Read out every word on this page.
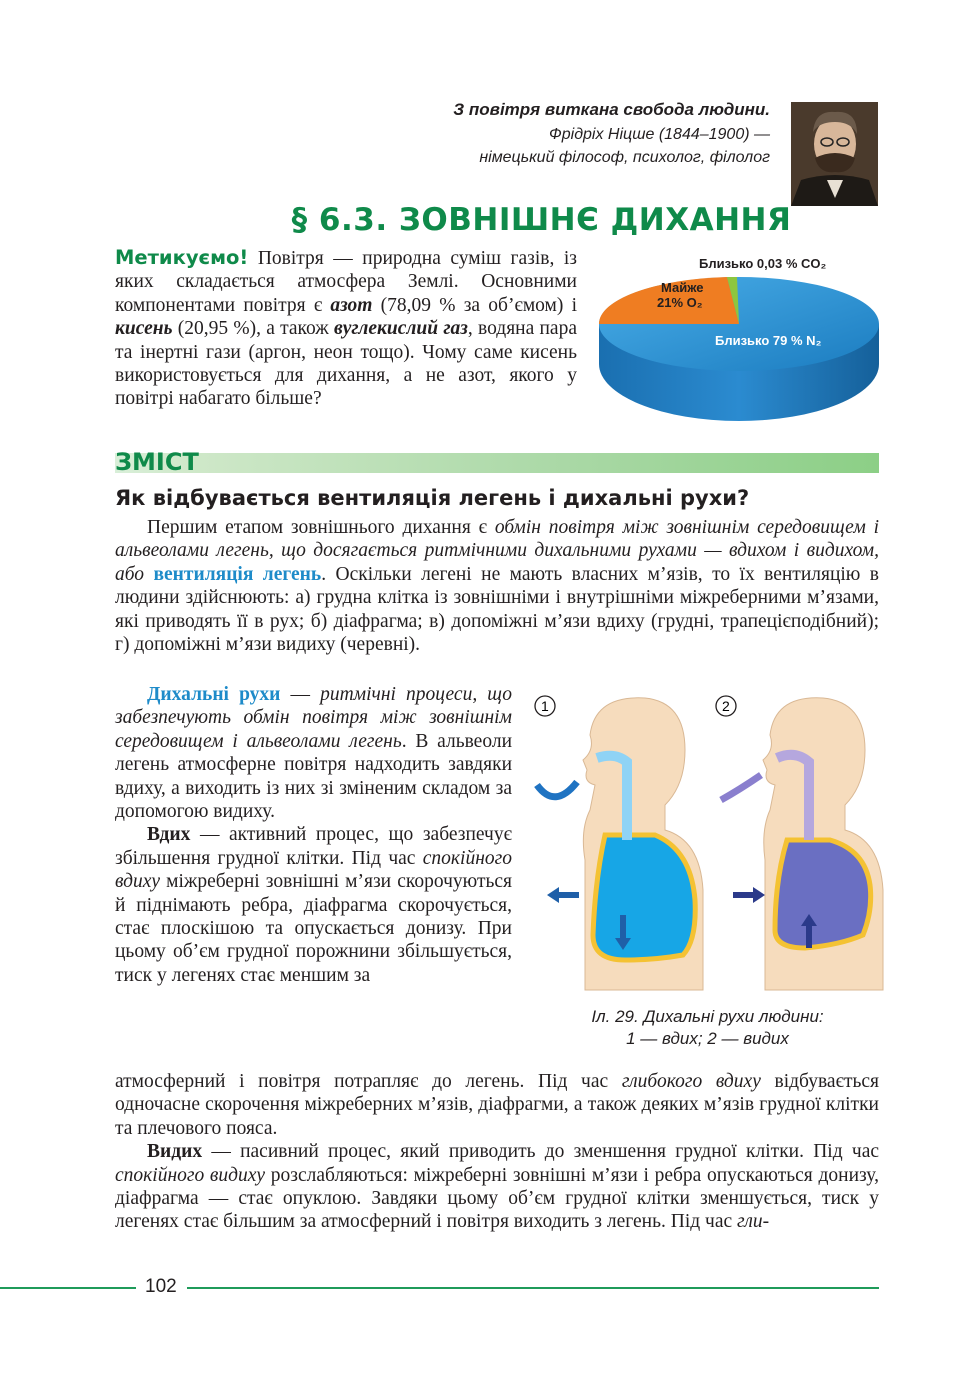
З повітря виткана свобода людини.
Фрідріх Ніцше (1844–1900) —
німецький філософ, психолог, філолог
§ 6.3. ЗОВНІШНЄ ДИХАННЯ
Метикуємо! Повітря — природна суміш газів, із яких складається атмосфера Землі. Основними компонентами повітря є азот (78,09 % за об’ємом) і кисень (20,95 %), а також вуглекислий газ, водяна пара та інертні гази (аргон, неон тощо). Чому саме кисень використовується для дихання, а не азот, якого у повітрі набагато більше?
Близько 0,03 % CO₂
Майже
21% O₂
Близько 79 % N₂
ЗМІСТ
Як відбувається вентиляція легень і дихальні рухи?
Першим етапом зовнішнього дихання є обмін повітря між зовнішнім середовищем і альвеолами легень, що досягається ритмічними дихальними рухами — вдихом і видихом, або вентиляція легень. Оскільки легені не мають власних м’язів, то їх вентиляцію в людини здійснюють: а) грудна клітка із зовнішніми і внутрішніми міжреберними м’язами, які приводять її в рух; б) діафрагма; в) допоміжні м’язи вдиху (грудні, трапецієподібний); г) допоміжні м’язи видиху (черевні).
Дихальні рухи — ритмічні процеси, що забезпечують обмін повітря між зовнішнім середовищем і альвеолами легень. В альвеоли легень атмосферне повітря надходить завдяки вдиху, а виходить із них зі зміненим складом за допомогою видиху.
Вдих — активний процес, що забезпечує збільшення грудної клітки. Під час спокійного вдиху міжреберні зовнішні м’язи скорочуються й піднімають ребра, діафрагма скорочується, стає плоскішою та опускається донизу. При цьому об’єм грудної порожнини збільшується, тиск у легенях стає меншим за
1	2
Іл. 29. Дихальні рухи людини:
1 — вдих; 2 — видих
атмосферний і повітря потрапляє до легень. Під час глибокого вдиху відбувається одночасне скорочення міжреберних м’язів, діафрагми, а також деяких м’язів грудної клітки та плечового пояса.
Видих — пасивний процес, який приводить до зменшення грудної клітки. Під час спокійного видиху розслабляються: міжреберні зовнішні м’язи і ребра опускаються донизу, діафрагма — стає опуклою. Завдяки цьому об’єм грудної клітки зменшується, тиск у легенях стає більшим за атмосферний і повітря виходить з легень. Під час гли-
102
